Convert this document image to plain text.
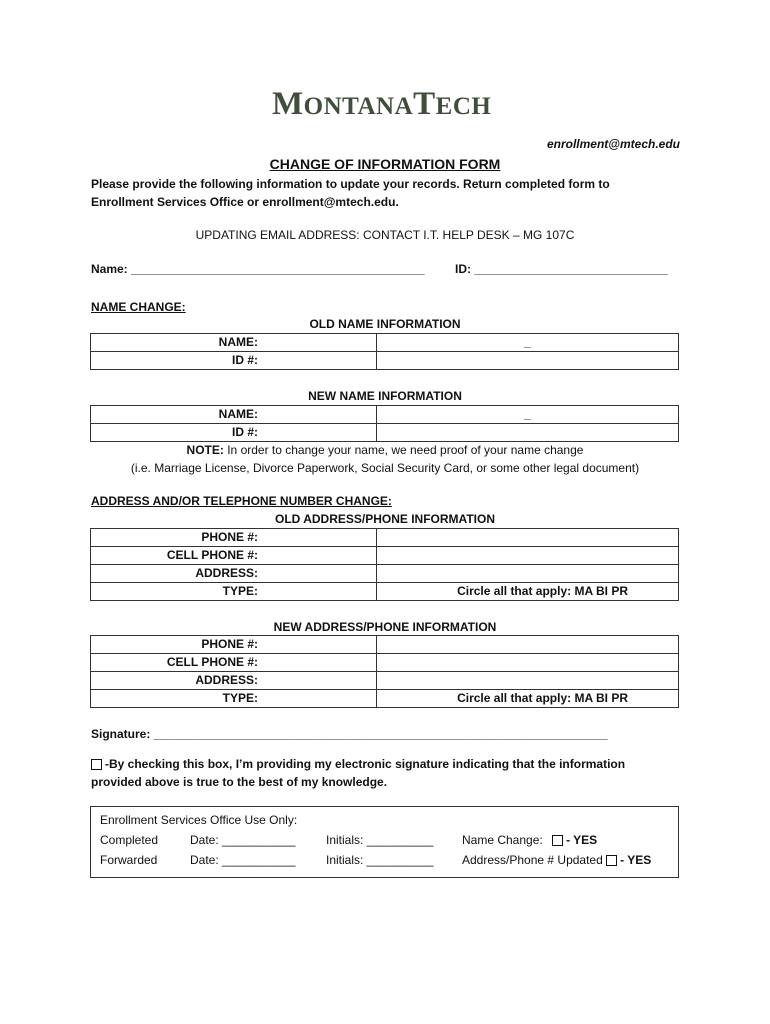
MONTANATECH
enrollment@mtech.edu
CHANGE OF INFORMATION FORM
Please provide the following information to update your records. Return completed form to
Enrollment Services Office or enrollment@mtech.edu.
UPDATING EMAIL ADDRESS: CONTACT I.T. HELP DESK – MG 107C
Name: ____________________________________________	ID: _____________________________
NAME CHANGE:
OLD NAME INFORMATION
NAME:	_
ID #:	
NEW NAME INFORMATION
NAME:	_
ID #:	
NOTE: In order to change your name, we need proof of your name change
(i.e. Marriage License, Divorce Paperwork, Social Security Card, or some other legal document)
ADDRESS AND/OR TELEPHONE NUMBER CHANGE:
OLD ADDRESS/PHONE INFORMATION
PHONE #:	
CELL PHONE #:	
ADDRESS:	
TYPE:	Circle all that apply: MA BI PR
NEW ADDRESS/PHONE INFORMATION
PHONE #:	
CELL PHONE #:	
ADDRESS:	
TYPE:	Circle all that apply: MA BI PR
Signature: ____________________________________________________________________
-By checking this box, I’m providing my electronic signature indicating that the information
provided above is true to the best of my knowledge.
Enrollment Services Office Use Only:
Completed	Date: ___________	Initials: __________ Name Change: - YES
Forwarded	Date: ___________	Initials: __________ Address/Phone # Updated - YES
